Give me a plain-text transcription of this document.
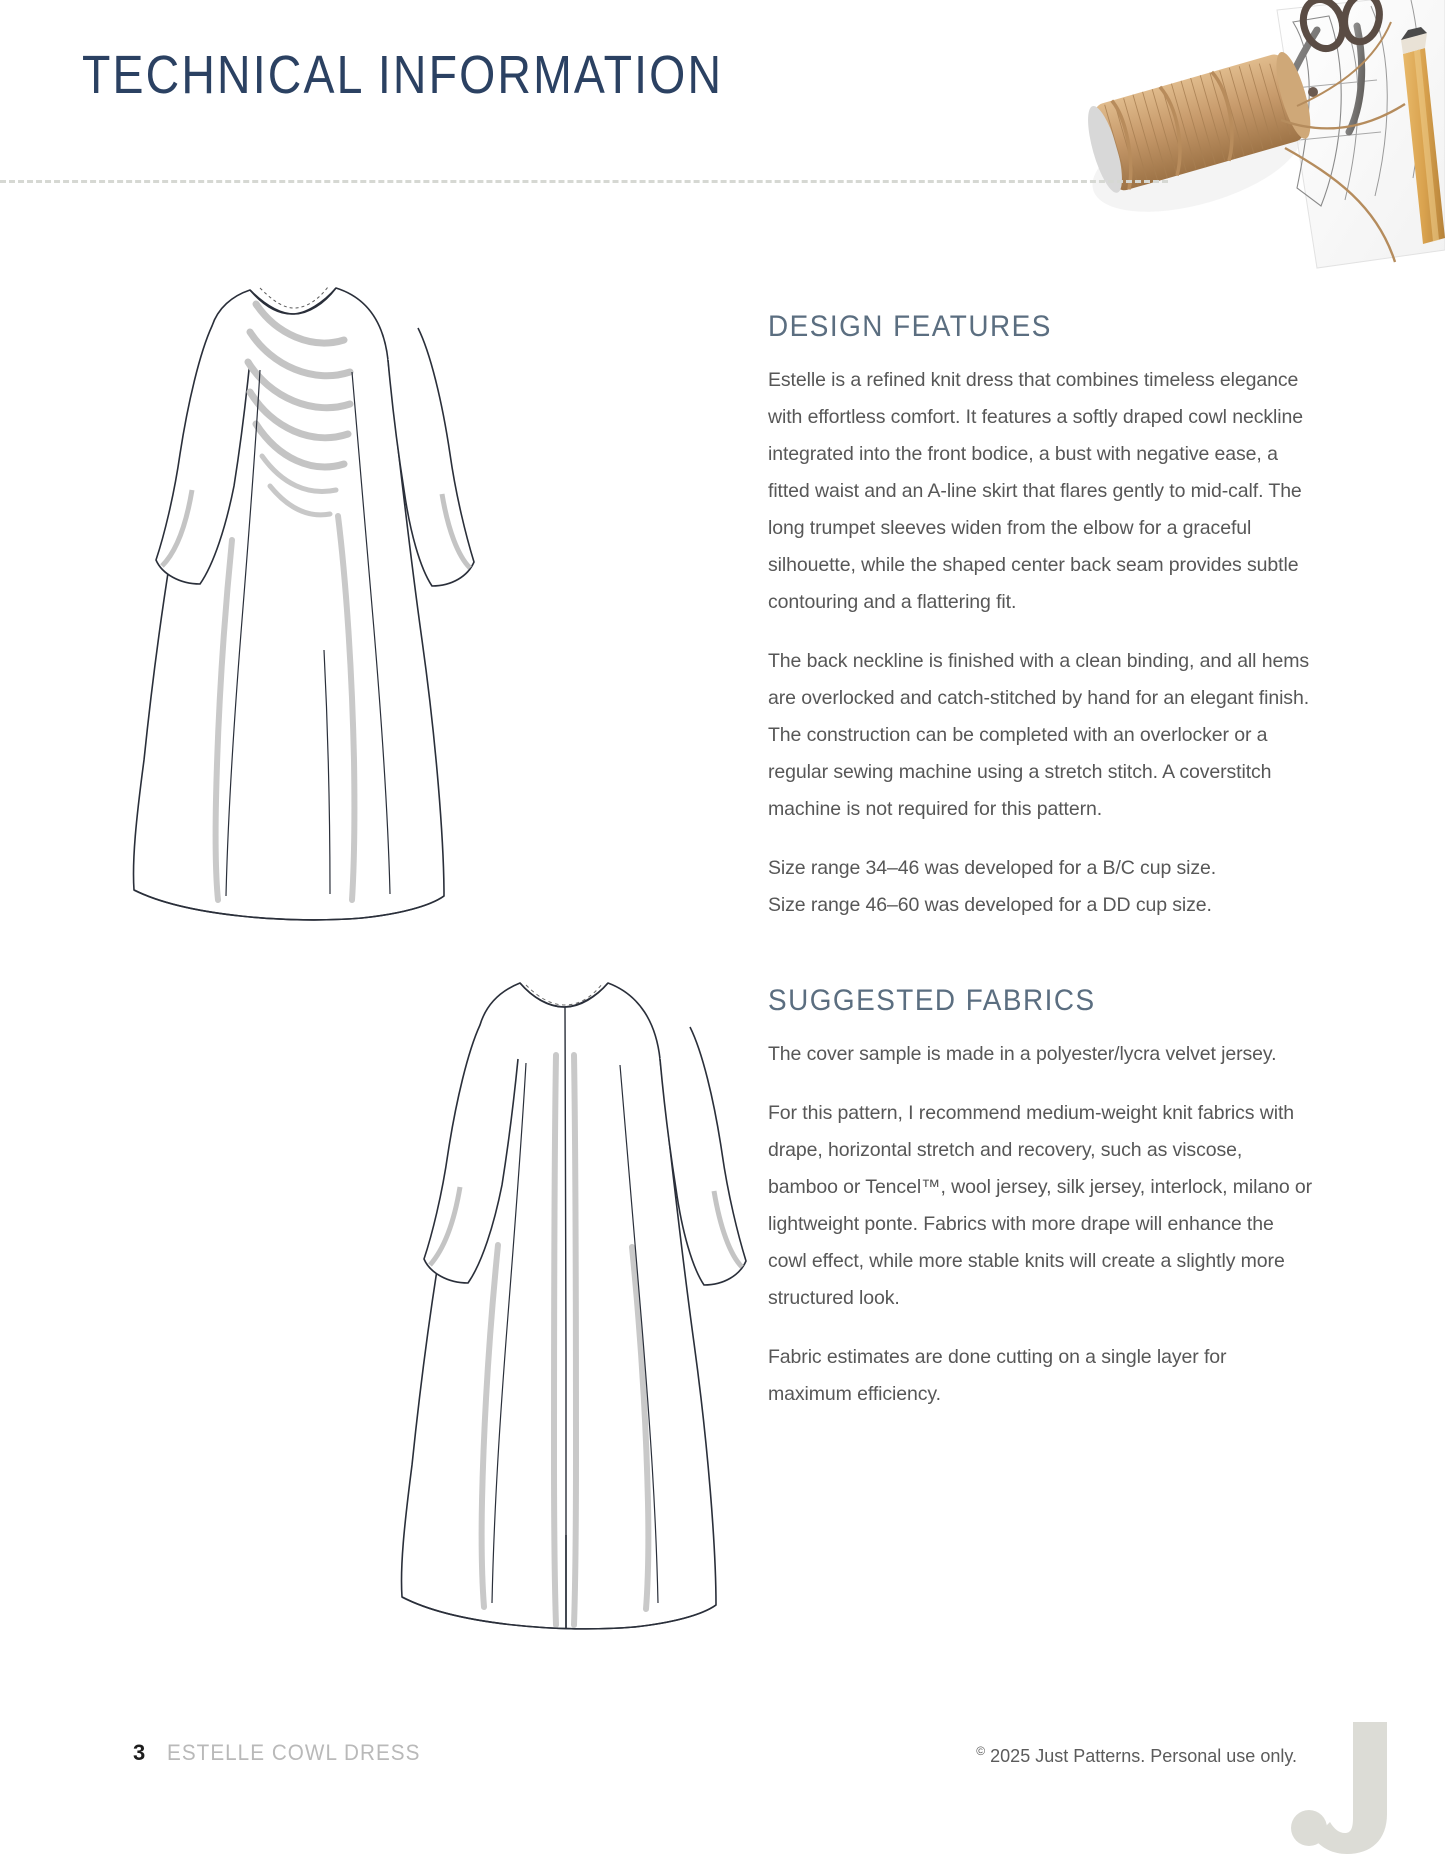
TECHNICAL INFORMATION
DESIGN FEATURES

Estelle is a refined knit dress that combines timeless elegance with effortless comfort. It features a softly draped cowl neckline integrated into the front bodice, a bust with negative ease, a fitted waist and an A-line skirt that flares gently to mid-calf. The long trumpet sleeves widen from the elbow for a graceful silhouette, while the shaped center back seam provides subtle contouring and a flattering fit.

The back neckline is finished with a clean binding, and all hems are overlocked and catch-stitched by hand for an elegant finish. The construction can be completed with an overlocker or a regular sewing machine using a stretch stitch. A coverstitch machine is not required for this pattern.

Size range 34–46 was developed for a B/C cup size.

Size range 46–60 was developed for a DD cup size.

SUGGESTED FABRICS

The cover sample is made in a polyester/lycra velvet jersey.

For this pattern, I recommend medium-weight knit fabrics with drape, horizontal stretch and recovery, such as viscose, bamboo or Tencel™, wool jersey, silk jersey, interlock, milano or lightweight ponte. Fabrics with more drape will enhance the cowl effect, while more stable knits will create a slightly more structured look.

Fabric estimates are done cutting on a single layer for maximum efficiency.

3 ESTELLE COWL DRESS	© 2025 Just Patterns. Personal use only.
